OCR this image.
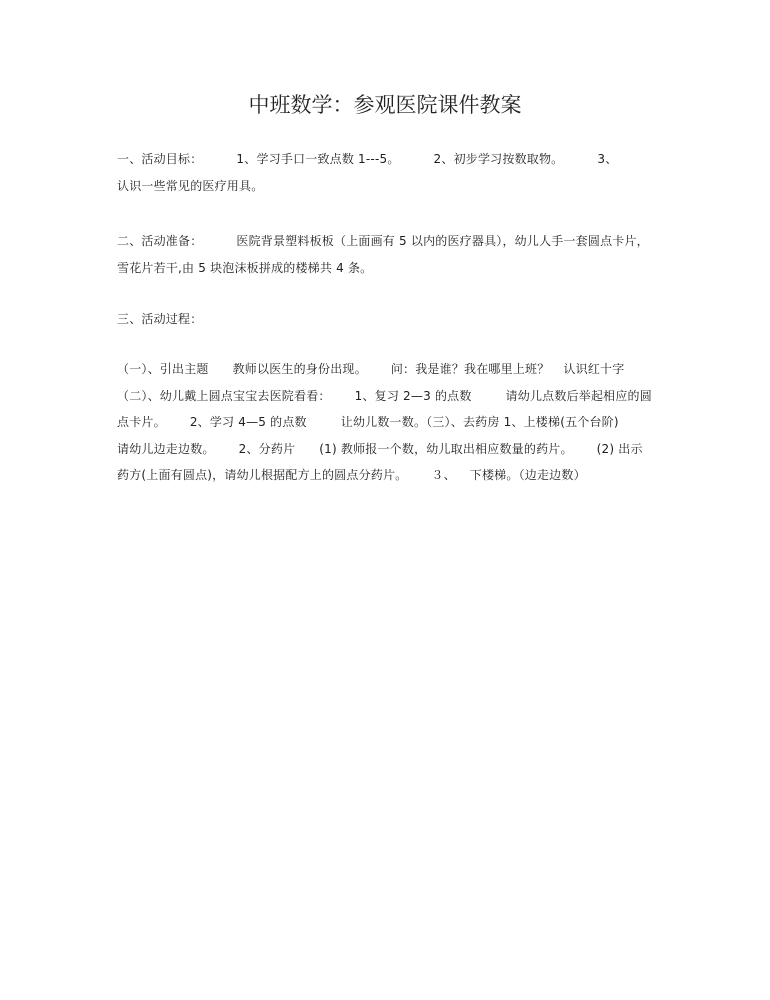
中班数学：参观医院课件教案
一、活动目标：	1、学习手口一致点数 1---5。	2、初步学习按数取物。	3、
认识一些常见的医疗用具。
二、活动准备：	医院背景塑料板板（上面画有 5 以内的医疗器具），幼儿人手一套圆点卡片，雪花片若干,由 5 块泡沫板拼成的楼梯共 4 条。
三、活动过程：
（一）、引出主题 教师以医生的身份出现。 问：我是谁？我在哪里上班？ 认识红十字（二）、幼儿戴上圆点宝宝去医院看看： 1、复习 2—3 的点数	请幼儿点数后举起相应的圆点卡片。 2、学习 4—5 的点数	让幼儿数一数。（三）、去药房 1、上楼梯(五个台阶)请幼儿边走边数。 2、分药片 (1) 教师报一个数，幼儿取出相应数量的药片。 (2) 出示药方(上面有圆点)，请幼儿根据配方上的圆点分药片。 ３、 下楼梯。（边走边数）
